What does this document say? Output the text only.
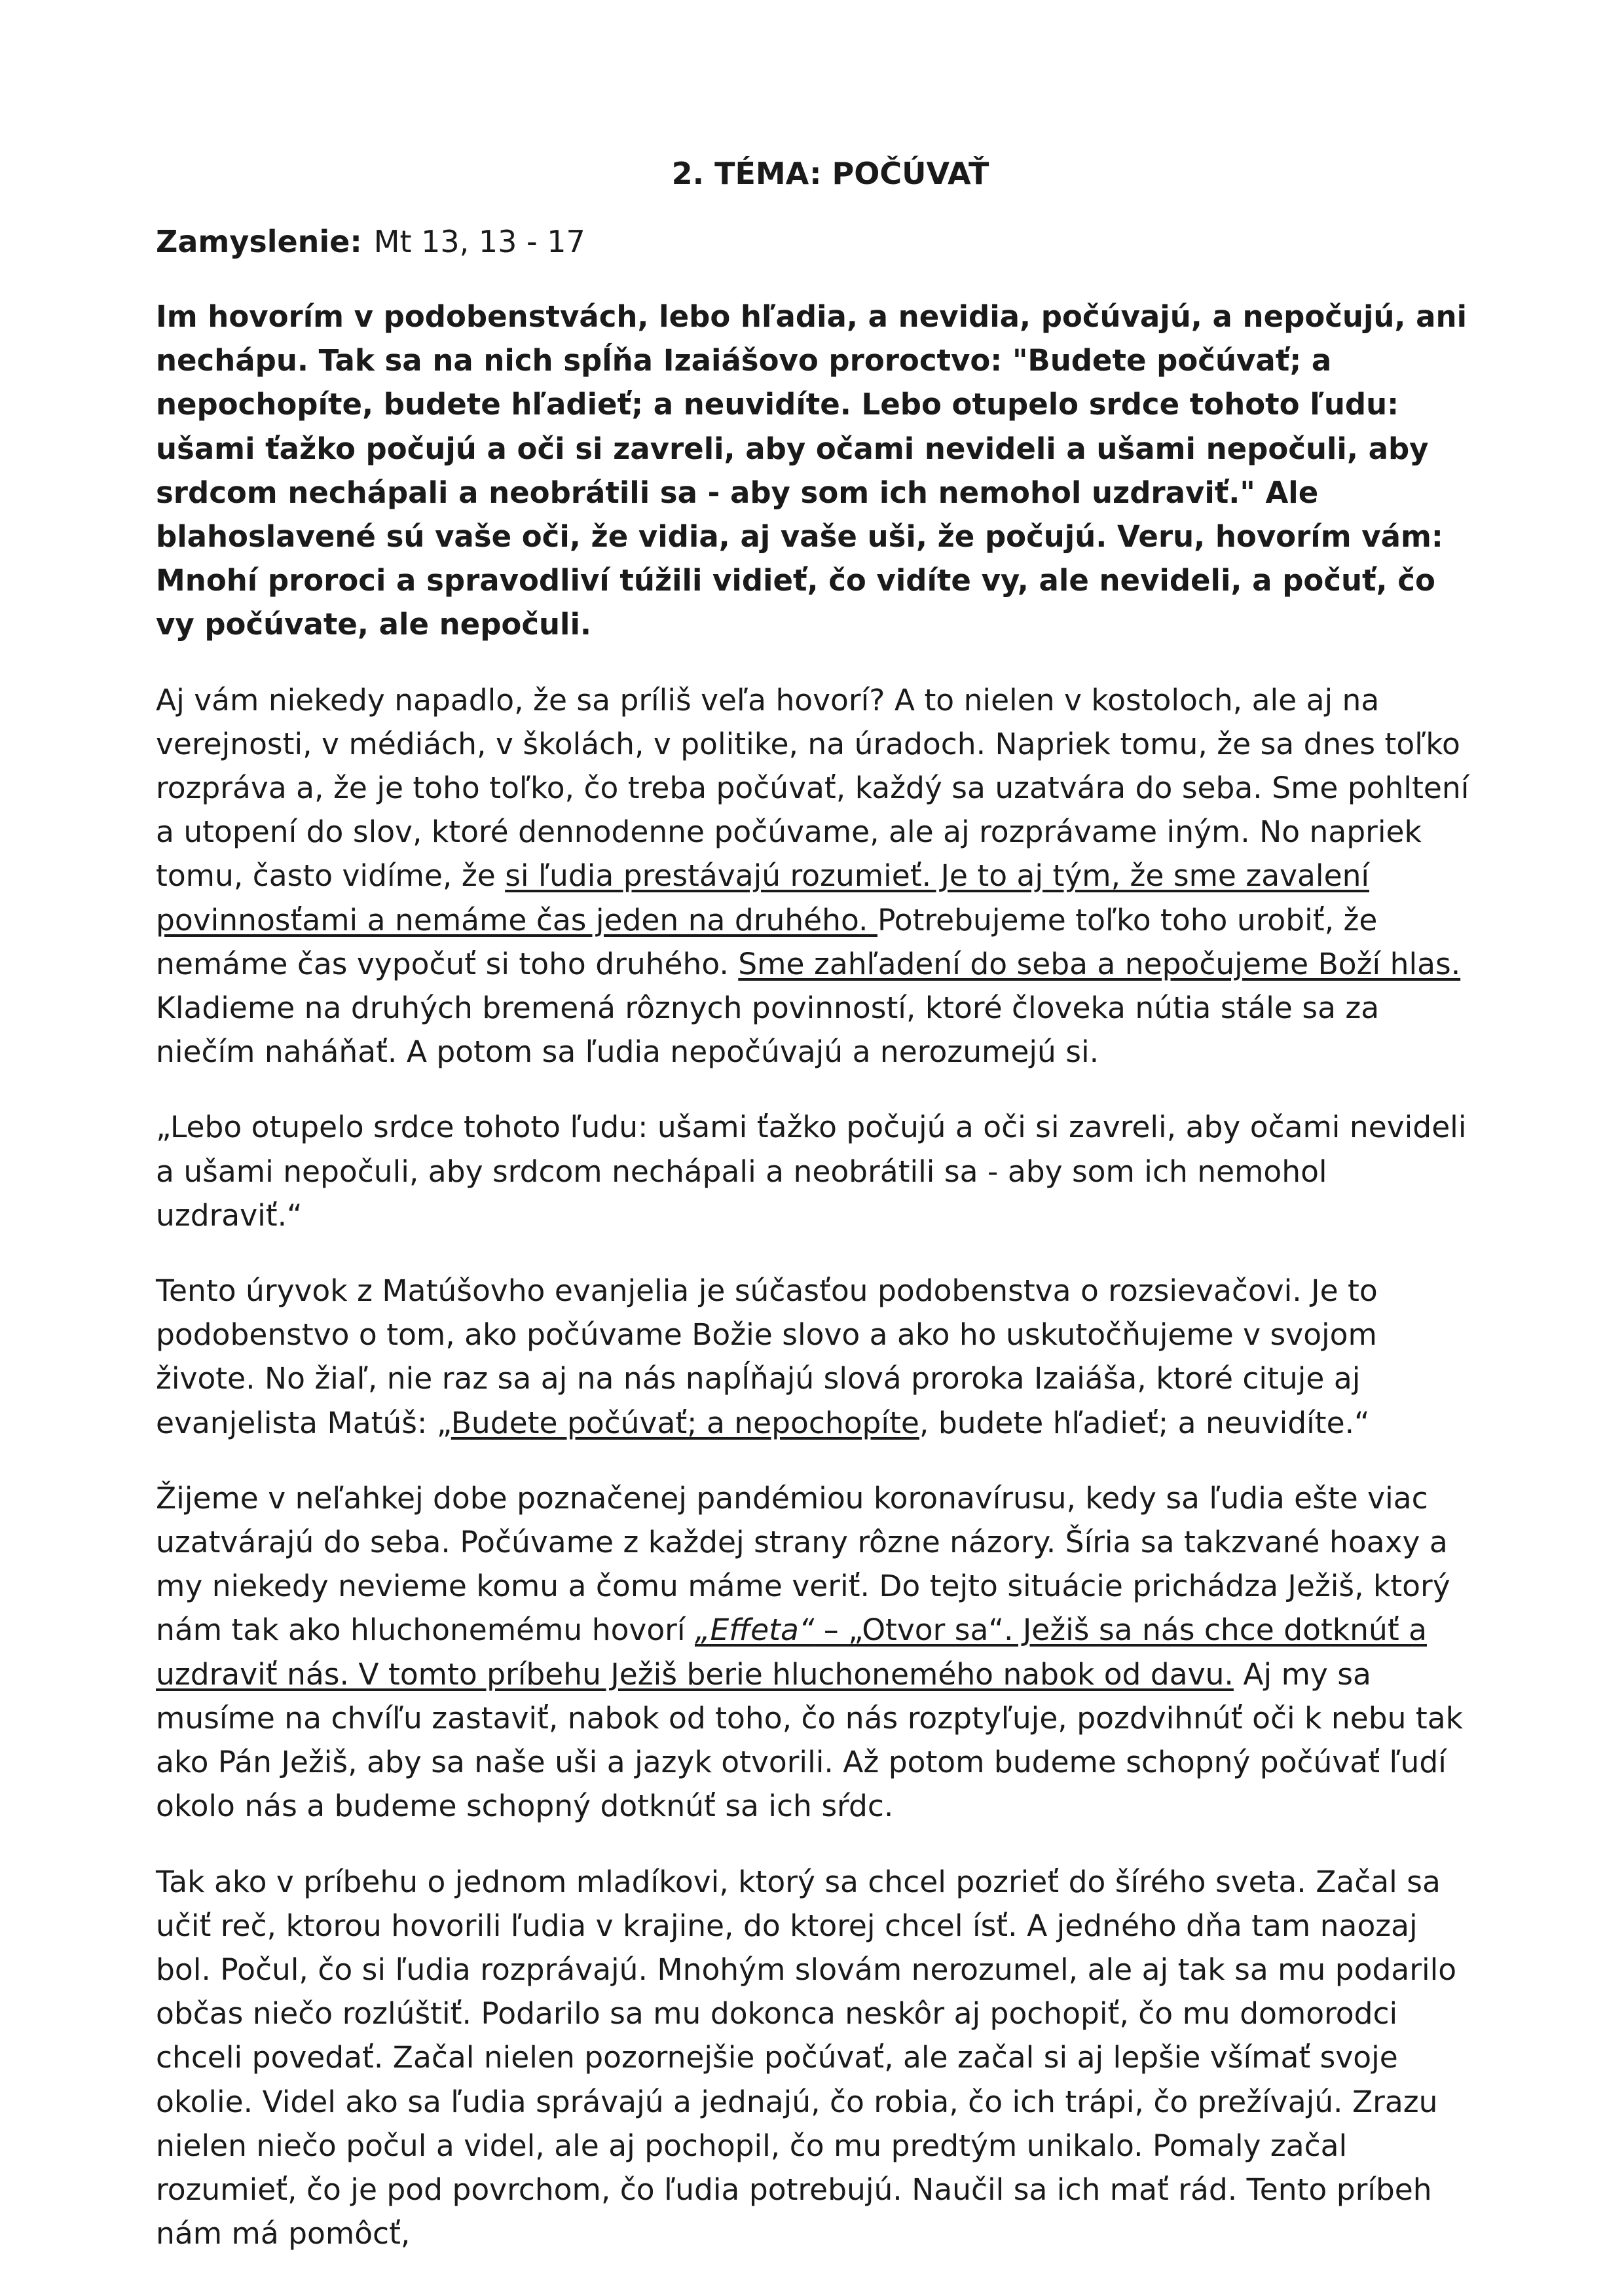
2. TÉMA: POČÚVAŤ

Zamyslenie: Mt 13, 13 - 17

Im hovorím v podobenstvách, lebo hľadia, a nevidia, počúvajú, a nepočujú, ani nechápu. Tak sa na nich spĺňa Izaiášovo proroctvo: "Budete počúvať; a nepochopíte, budete hľadieť; a neuvidíte. Lebo otupelo srdce tohoto ľudu: ušami ťažko počujú a oči si zavreli, aby očami nevideli a ušami nepočuli, aby srdcom nechápali a neobrátili sa - aby som ich nemohol uzdraviť." Ale blahoslavené sú vaše oči, že vidia, aj vaše uši, že počujú. Veru, hovorím vám: Mnohí proroci a spravodliví túžili vidieť, čo vidíte vy, ale nevideli, a počuť, čo vy počúvate, ale nepočuli.

Aj vám niekedy napadlo, že sa príliš veľa hovorí? A to nielen v kostoloch, ale aj na verejnosti, v médiách, v školách, v politike, na úradoch. Napriek tomu, že sa dnes toľko rozpráva a, že je toho toľko, čo treba počúvať, každý sa uzatvára do seba. Sme pohltení a utopení do slov, ktoré dennodenne počúvame, ale aj rozprávame iným. No napriek tomu, často vidíme, že si ľudia prestávajú rozumieť. Je to aj tým, že sme zavalení povinnosťami a nemáme čas jeden na druhého. Potrebujeme toľko toho urobiť, že nemáme čas vypočuť si toho druhého. Sme zahľadení do seba a nepočujeme Boží hlas. Kladieme na druhých bremená rôznych povinností, ktoré človeka nútia stále sa za niečím naháňať. A potom sa ľudia nepočúvajú a nerozumejú si.

„Lebo otupelo srdce tohoto ľudu: ušami ťažko počujú a oči si zavreli, aby očami nevideli a ušami nepočuli, aby srdcom nechápali a neobrátili sa - aby som ich nemohol uzdraviť.“

Tento úryvok z Matúšovho evanjelia je súčasťou podobenstva o rozsievačovi. Je to podobenstvo o tom, ako počúvame Božie slovo a ako ho uskutočňujeme v svojom živote. No žiaľ, nie raz sa aj na nás napĺňajú slová proroka Izaiáša, ktoré cituje aj evanjelista Matúš: „Budete počúvať; a nepochopíte, budete hľadieť; a neuvidíte.“

Žijeme v neľahkej dobe poznačenej pandémiou koronavírusu, kedy sa ľudia ešte viac uzatvárajú do seba. Počúvame z každej strany rôzne názory. Šíria sa takzvané hoaxy a my niekedy nevieme komu a čomu máme veriť. Do tejto situácie prichádza Ježiš, ktorý nám tak ako hluchonemému hovorí „Effeta“ – „Otvor sa“. Ježiš sa nás chce dotknúť a uzdraviť nás. V tomto príbehu Ježiš berie hluchonemého nabok od davu. Aj my sa musíme na chvíľu zastaviť, nabok od toho, čo nás rozptyľuje, pozdvihnúť oči k nebu tak ako Pán Ježiš, aby sa naše uši a jazyk otvorili. Až potom budeme schopný počúvať ľudí okolo nás a budeme schopný dotknúť sa ich sŕdc.

Tak ako v príbehu o jednom mladíkovi, ktorý sa chcel pozrieť do šírého sveta. Začal sa učiť reč, ktorou hovorili ľudia v krajine, do ktorej chcel ísť. A jedného dňa tam naozaj bol. Počul, čo si ľudia rozprávajú. Mnohým slovám nerozumel, ale aj tak sa mu podarilo občas niečo rozlúštiť. Podarilo sa mu dokonca neskôr aj pochopiť, čo mu domorodci chceli povedať. Začal nielen pozornejšie počúvať, ale začal si aj lepšie všímať svoje okolie. Videl ako sa ľudia správajú a jednajú, čo robia, čo ich trápi, čo prežívajú. Zrazu nielen niečo počul a videl, ale aj pochopil, čo mu predtým unikalo. Pomaly začal rozumieť, čo je pod povrchom, čo ľudia potrebujú. Naučil sa ich mať rád. Tento príbeh nám má pomôcť,
